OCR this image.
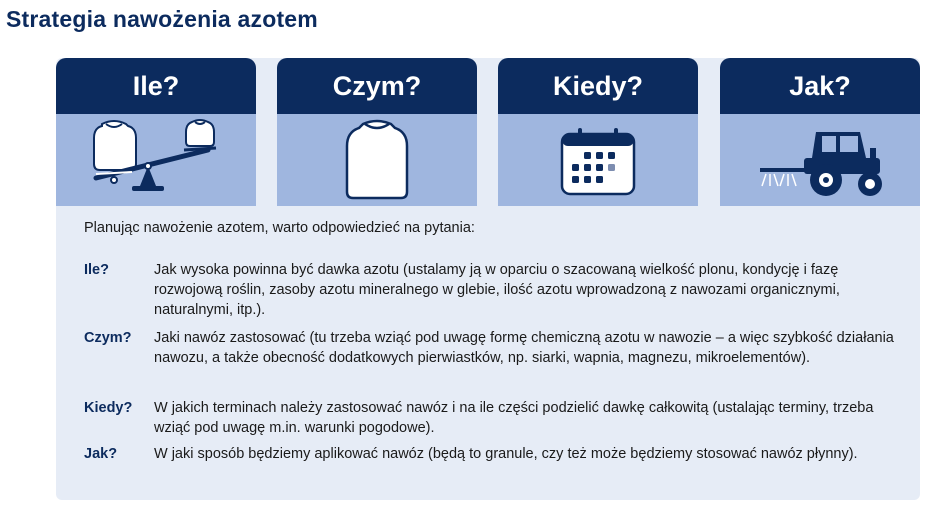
Strategia nawożenia azotem
Ile?	Czym?	Kiedy?	Jak?
Planując nawożenie azotem, warto odpowiedzieć na pytania:
Ile?	Jak wysoka powinna być dawka azotu (ustalamy ją w oparciu o szacowaną wielkość plonu, kondycję i fazę rozwojową roślin, zasoby azotu mineralnego w glebie, ilość azotu wprowadzoną z nawozami organicznymi, naturalnymi, itp.).
Czym? Jaki nawóz zastosować (tu trzeba wziąć pod uwagę formę chemiczną azotu w nawozie – a więc szybkość działania nawozu, a także obecność dodatkowych pierwiastków, np. siarki, wapnia, magnezu, mikroelementów).
Kiedy? W jakich terminach należy zastosować nawóz i na ile części podzielić dawkę całkowitą (ustalając terminy, trzeba wziąć pod uwagę m.in. warunki pogodowe).
Jak?	W jaki sposób będziemy aplikować nawóz (będą to granule, czy też może będziemy stosować nawóz płynny).
